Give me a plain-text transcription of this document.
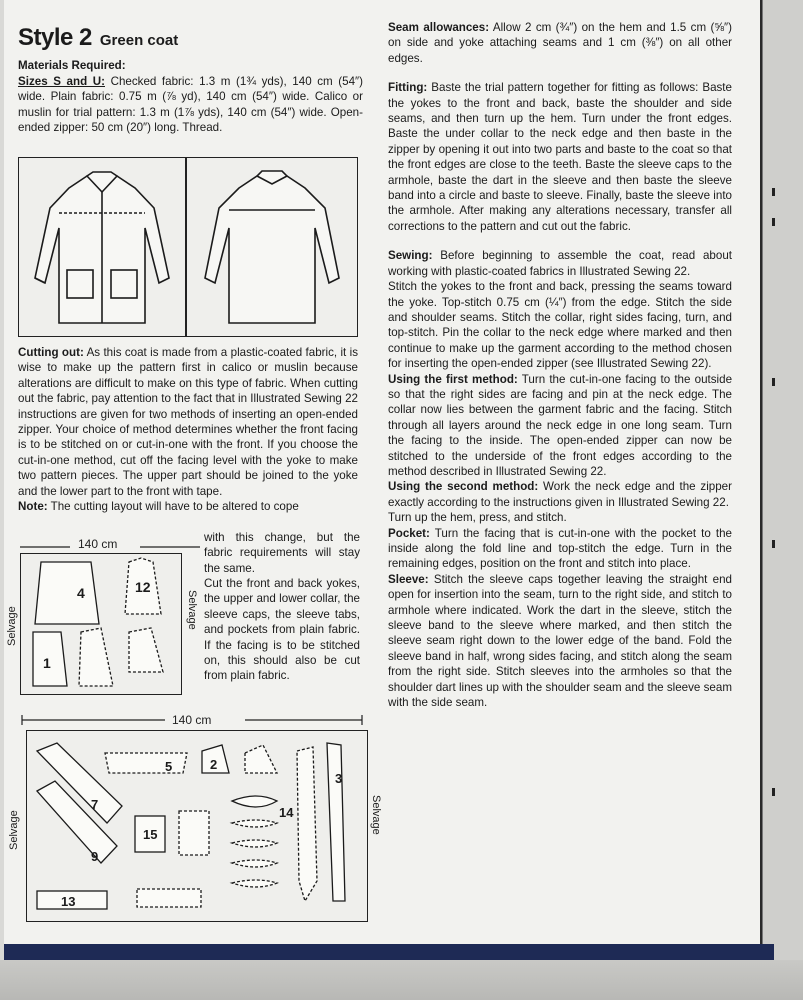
Style 2 Green coat

Materials Required:

Sizes S and U: Checked fabric: 1.3 m (1¾ yds), 140 cm (54″) wide. Plain fabric: 0.75 m (⅞ yd), 140 cm (54″) wide. Calico or muslin for trial pattern: 1.3 m (1⅞ yds), 140 cm (54″) wide. Open-ended zipper: 50 cm (20″) long. Thread.

Cutting out: As this coat is made from a plastic-coated fabric, it is wise to make up the pattern first in calico or muslin because alterations are difficult to make on this type of fabric. When cutting out the fabric, pay attention to the fact that in Illustrated Sewing 22 instructions are given for two methods of inserting an open-ended zipper. Your choice of method determines whether the front facing is to be stitched on or cut-in-one with the front. If you choose the cut-in-one method, cut off the facing level with the yoke to make two pattern pieces. The upper part should be joined to the yoke and the lower part to the front with tape.

Note: The cutting layout will have to be altered to cope

140 cm
4	12
1
Selvage	Selvage
with this change, but the fabric requirements will stay the same.
Cut the front and back yokes, the upper and lower collar, the sleeve caps, the sleeve tabs, and pockets from plain fabric. If the facing is to be stitched on, this should also be cut from plain fabric.
140 cm
5	2
3
7
9
14
15
13
Selvage	Selvage

Seam allowances: Allow 2 cm (¾″) on the hem and 1.5 cm (⅝″) on side and yoke attaching seams and 1 cm (⅜″) on all other edges.

Fitting: Baste the trial pattern together for fitting as follows: Baste the yokes to the front and back, baste the shoulder and side seams, and then turn up the hem. Turn under the front edges. Baste the under collar to the neck edge and then baste in the zipper by opening it out into two parts and baste to the coat so that the front edges are close to the teeth. Baste the sleeve caps to the armhole, baste the dart in the sleeve and then baste the sleeve band into a circle and baste to sleeve. Finally, baste the sleeve into the armhole. After making any alterations necessary, transfer all corrections to the pattern and cut out the fabric.

Sewing: Before beginning to assemble the coat, read about working with plastic-coated fabrics in Illustrated Sewing 22.

Stitch the yokes to the front and back, pressing the seams toward the yoke. Top-stitch 0.75 cm (¼″) from the edge. Stitch the side and shoulder seams. Stitch the collar, right sides facing, turn, and top-stitch. Pin the collar to the neck edge where marked and then continue to make up the garment according to the method chosen for inserting the open-ended zipper (see Illustrated Sewing 22).

Using the first method: Turn the cut-in-one facing to the outside so that the right sides are facing and pin at the neck edge. The collar now lies between the garment fabric and the facing. Stitch through all layers around the neck edge in one long seam. Turn the facing to the inside. The open-ended zipper can now be stitched to the underside of the front edges according to the method described in Illustrated Sewing 22.

Using the second method: Work the neck edge and the zipper exactly according to the instructions given in Illustrated Sewing 22.

Turn up the hem, press, and stitch.

Pocket: Turn the facing that is cut-in-one with the pocket to the inside along the fold line and top-stitch the edge. Turn in the remaining edges, position on the front and stitch into place.

Sleeve: Stitch the sleeve caps together leaving the straight end open for insertion into the seam, turn to the right side, and stitch to armhole where indicated. Work the dart in the sleeve, stitch the sleeve band to the sleeve where marked, and then stitch the sleeve seam right down to the lower edge of the band. Fold the sleeve band in half, wrong sides facing, and stitch along the seam from the right side. Stitch sleeves into the armholes so that the shoulder dart lines up with the shoulder seam and the sleeve seam with the side seam.
